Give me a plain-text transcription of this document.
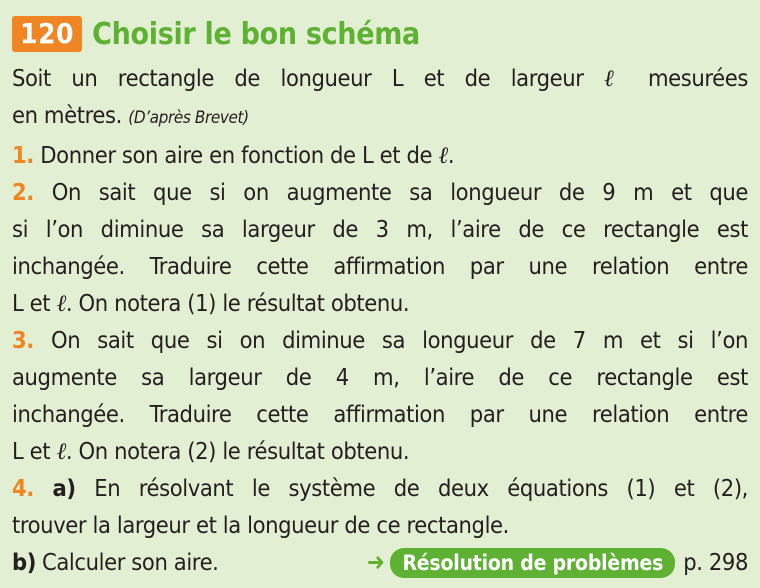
120 Choisir le bon schéma
Soit un rectangle de longueur L et de largeur ℓ mesurées
en mètres. (D’après Brevet)
1. Donner son aire en fonction de L et de ℓ.
2. On sait que si on augmente sa longueur de 9 m et que
si l’on diminue sa largeur de 3 m, l’aire de ce rectangle est
inchangée. Traduire cette affirmation par une relation entre
L et ℓ. On notera (1) le résultat obtenu.
3. On sait que si on diminue sa longueur de 7 m et si l’on
augmente sa largeur de 4 m, l’aire de ce rectangle est
inchangée. Traduire cette affirmation par une relation entre
L et ℓ. On notera (2) le résultat obtenu.
4. a) En résolvant le système de deux équations (1) et (2),
trouver la largeur et la longueur de ce rectangle.
b) Calculer son aire.	➜ Résolution de problèmes p. 298
